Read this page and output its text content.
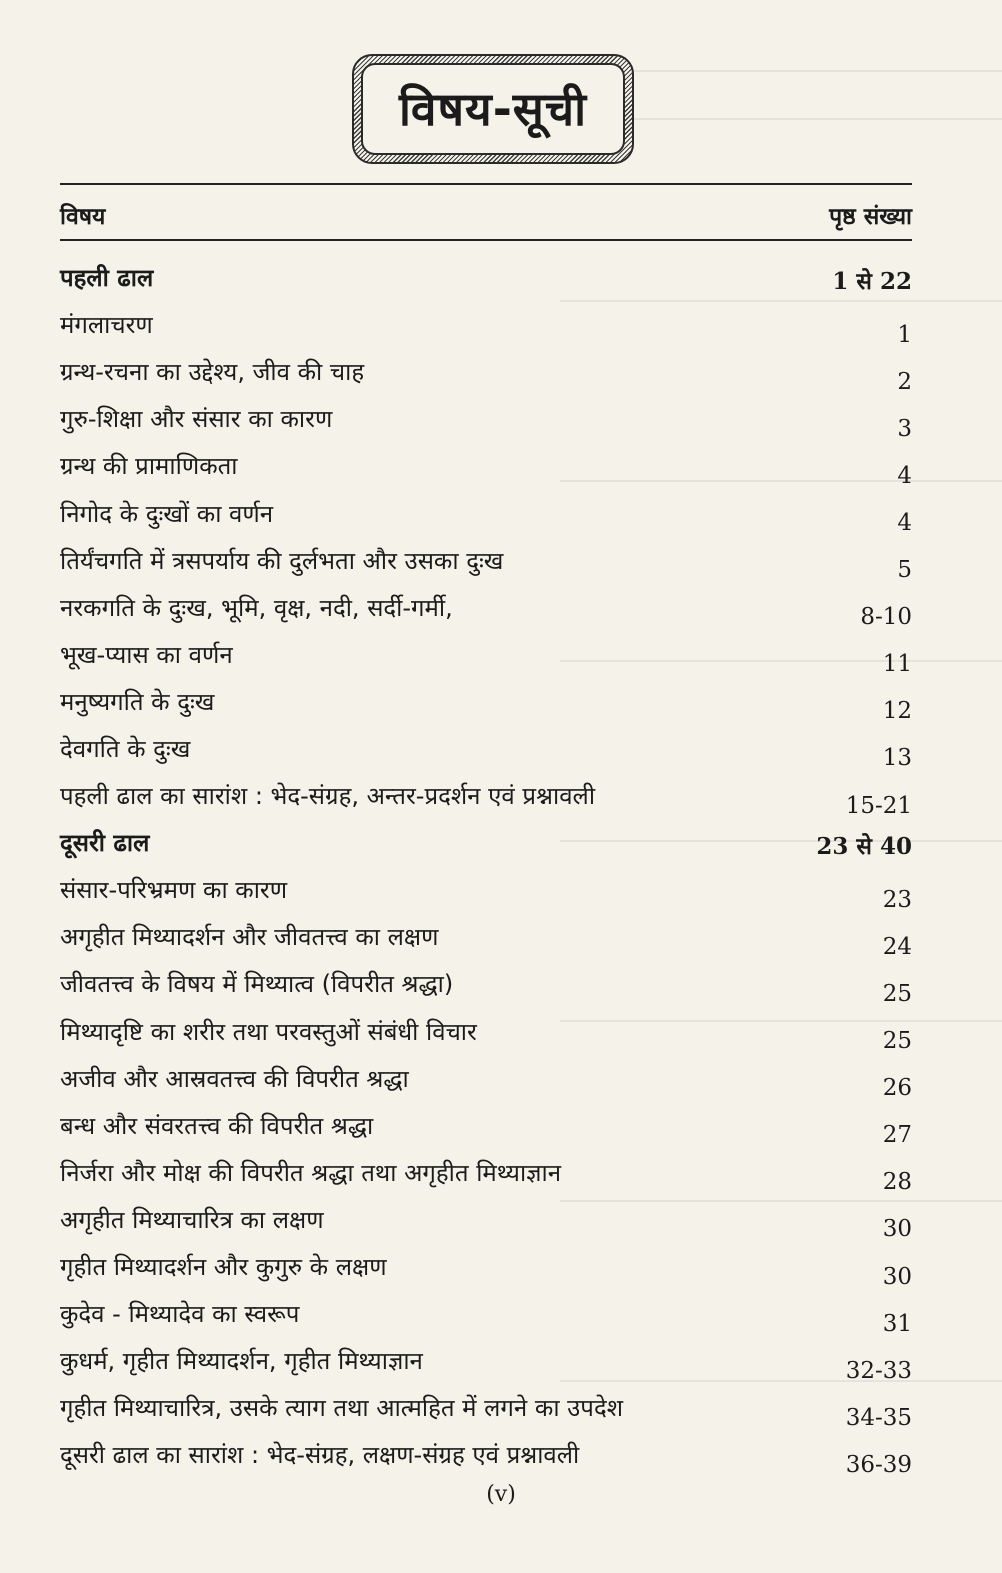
विषय-सूची
विषय	पृष्ठ संख्या
पहली ढाल	1 से 22
मंगलाचरण	1
ग्रन्थ-रचना का उद्देश्य, जीव की चाह	2
गुरु-शिक्षा और संसार का कारण	3
ग्रन्थ की प्रामाणिकता	4
निगोद के दुःखों का वर्णन	4
तिर्यंचगति में त्रसपर्याय की दुर्लभता और उसका दुःख	5
नरकगति के दुःख, भूमि, वृक्ष, नदी, सर्दी-गर्मी,	8-10
भूख-प्यास का वर्णन	11
मनुष्यगति के दुःख	12
देवगति के दुःख	13
पहली ढाल का सारांश : भेद-संग्रह, अन्तर-प्रदर्शन एवं प्रश्नावली	15-21
दूसरी ढाल	23 से 40
संसार-परिभ्रमण का कारण	23
अगृहीत मिथ्यादर्शन और जीवतत्त्व का लक्षण	24
जीवतत्त्व के विषय में मिथ्यात्व (विपरीत श्रद्धा)	25
मिथ्यादृष्टि का शरीर तथा परवस्तुओं संबंधी विचार	25
अजीव और आस्रवतत्त्व की विपरीत श्रद्धा	26
बन्ध और संवरतत्त्व की विपरीत श्रद्धा	27
निर्जरा और मोक्ष की विपरीत श्रद्धा तथा अगृहीत मिथ्याज्ञान	28
अगृहीत मिथ्याचारित्र का लक्षण	30
गृहीत मिथ्यादर्शन और कुगुरु के लक्षण	30
कुदेव - मिथ्यादेव का स्वरूप	31
कुधर्म, गृहीत मिथ्यादर्शन, गृहीत मिथ्याज्ञान	32-33
गृहीत मिथ्याचारित्र, उसके त्याग तथा आत्महित में लगने का उपदेश	34-35
दूसरी ढाल का सारांश : भेद-संग्रह, लक्षण-संग्रह एवं प्रश्नावली	36-39
(v)
